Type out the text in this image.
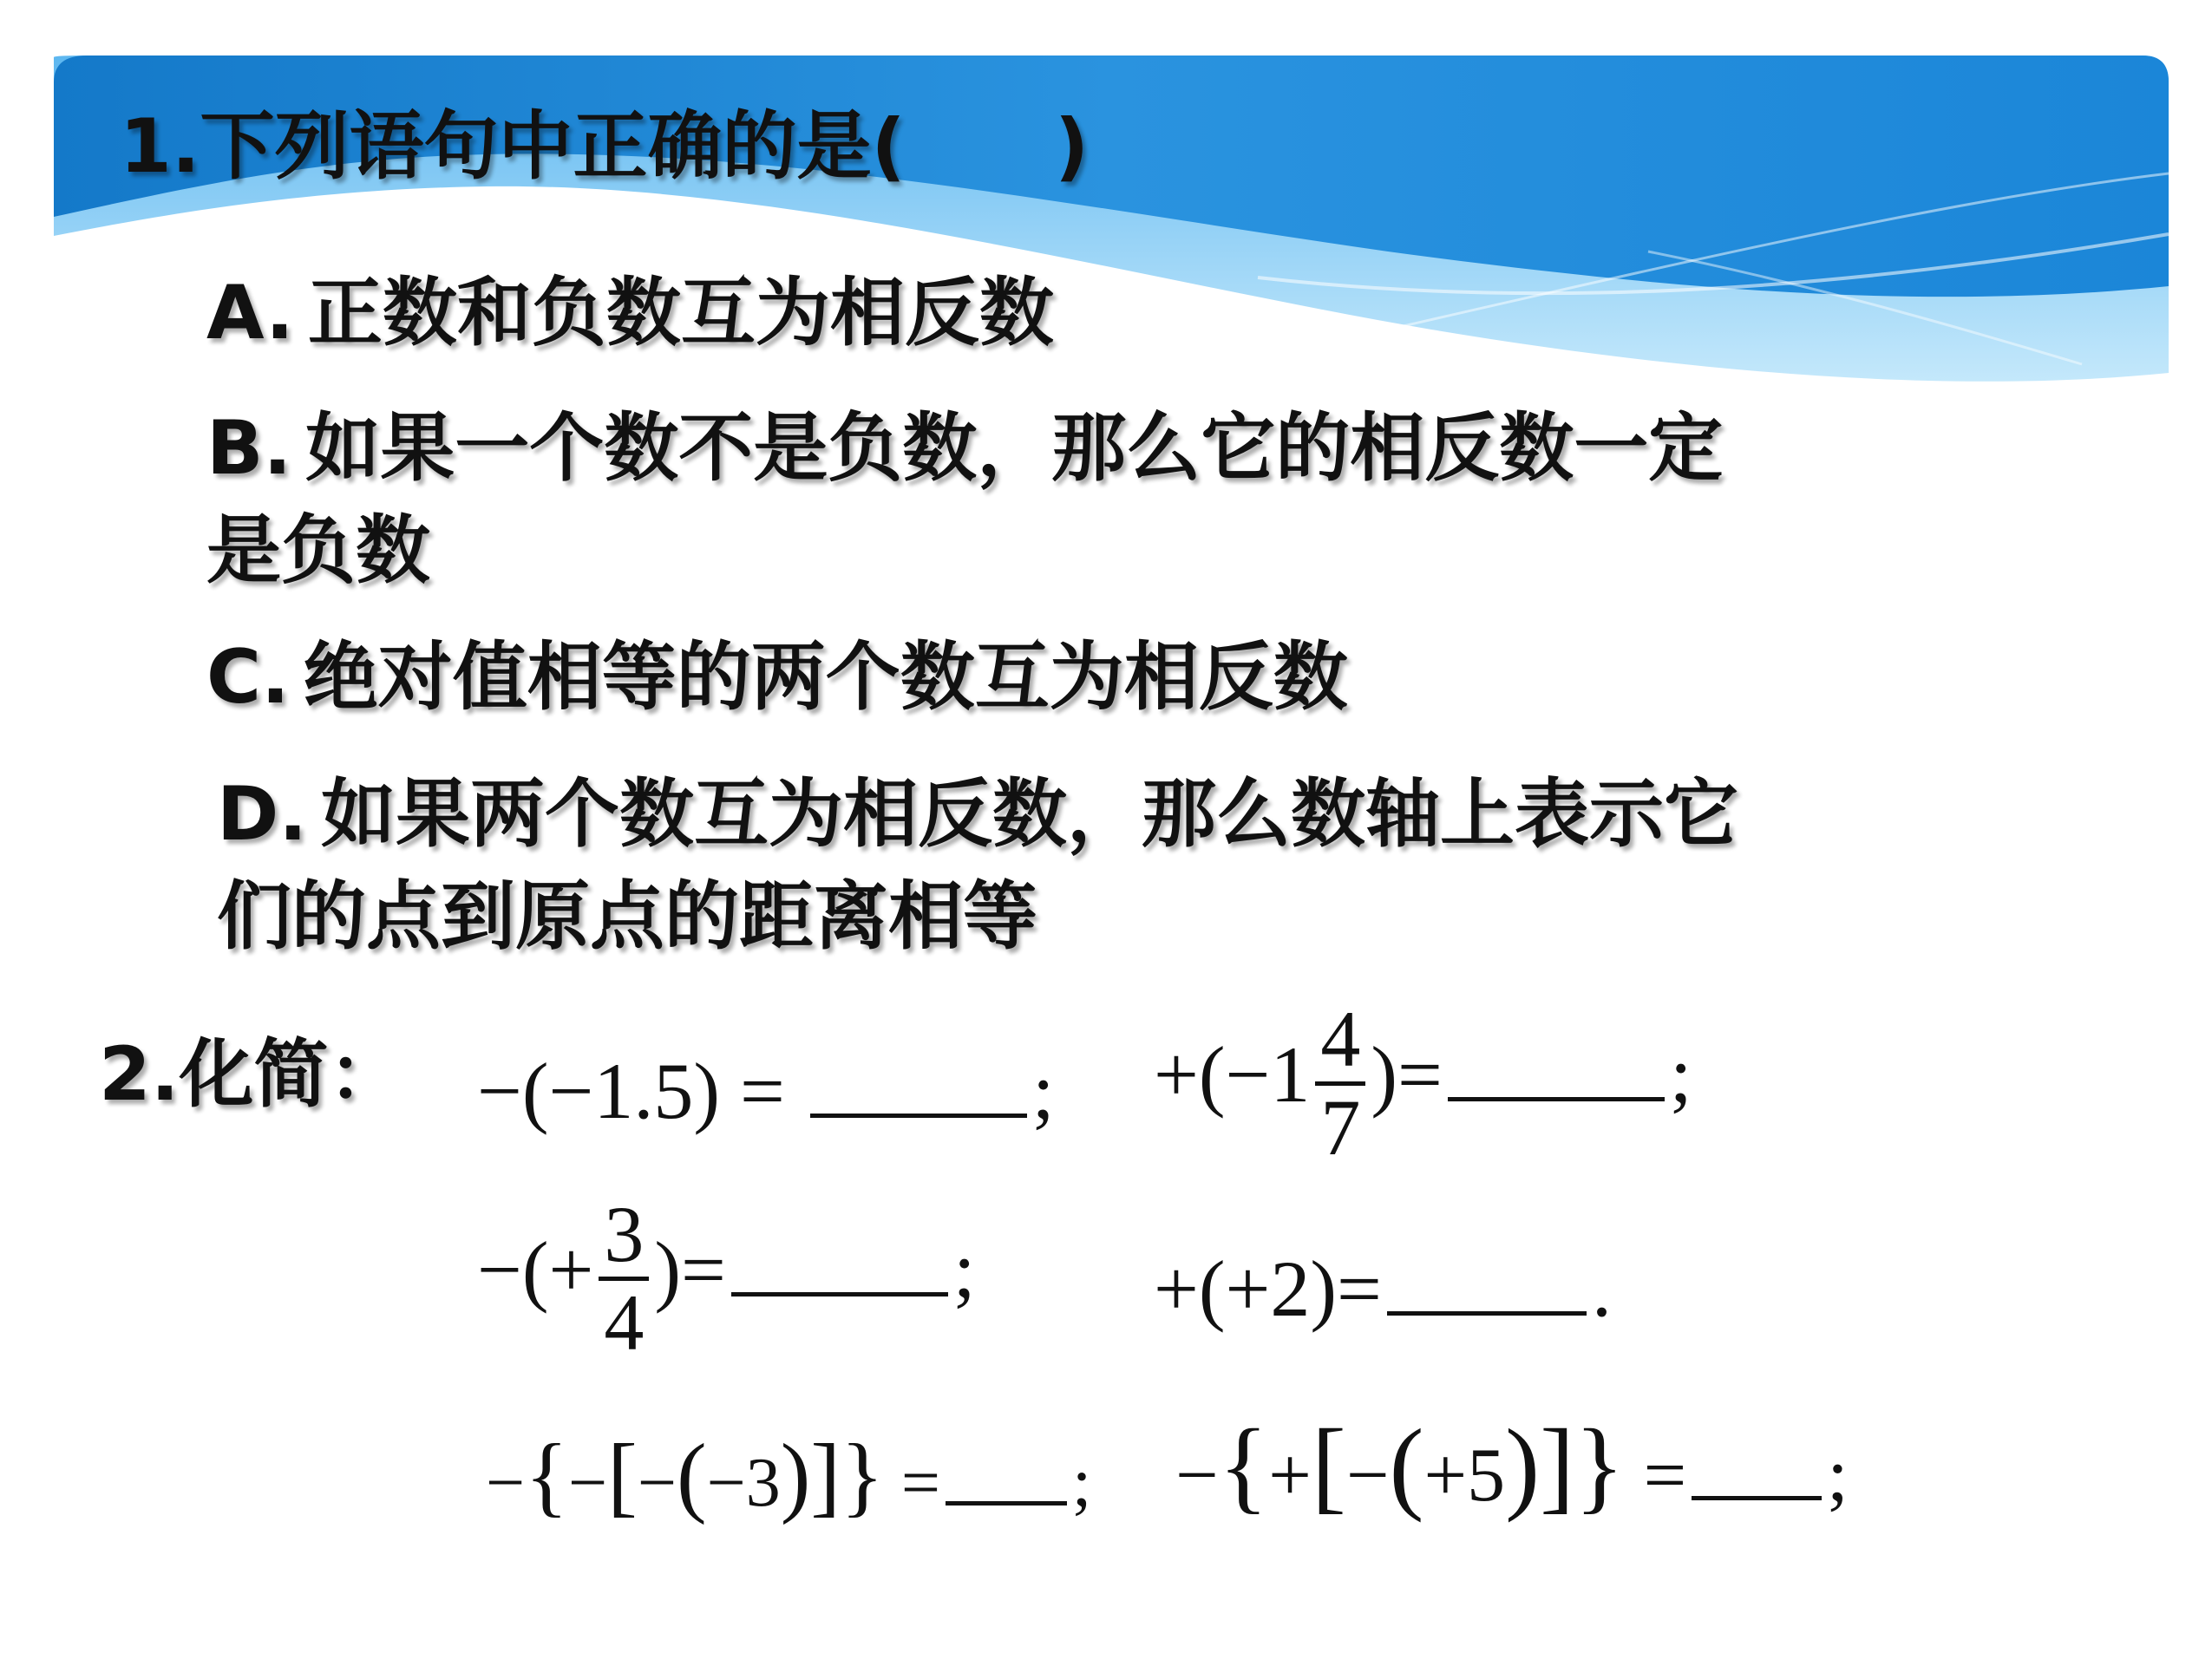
1.下列语句中正确的是(　　)

A. 正数和负数互为相反数

B. 如果一个数不是负数，那么它的相反数一定
是负数

C. 绝对值相等的两个数互为相反数

D. 如果两个数互为相反数，那么数轴上表示它
们的点到原点的距离相等

2.化简： −(−1.5) =	; +(−1 4
7
)=	;
−(+ 3
4
)=	; +(+2)=	.
−{−[−(−3)]} = ; −{+[−(+5)]} = ;
